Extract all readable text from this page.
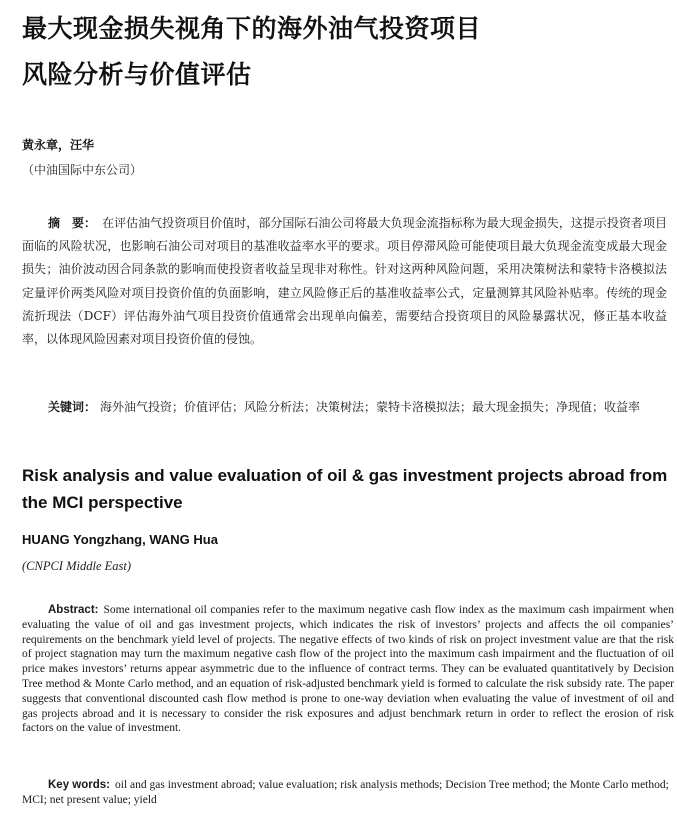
最大现金损失视角下的海外油气投资项目
风险分析与价值评估

黄永章，汪华

（中油国际中东公司）

摘　要： 在评估油气投资项目价值时，部分国际石油公司将最大负现金流指标称为最大现金损失，这提示投资者项目面临的风险状况，也影响石油公司对项目的基准收益率水平的要求。项目停滞风险可能使项目最大负现金流变成最大现金损失；油价波动因合同条款的影响而使投资者收益呈现非对称性。针对这两种风险问题，采用决策树法和蒙特卡洛模拟法定量评价两类风险对项目投资价值的负面影响，建立风险修正后的基准收益率公式，定量测算其风险补贴率。传统的现金流折现法（DCF）评估海外油气项目投资价值通常会出现单向偏差，需要结合投资项目的风险暴露状况，修正基本收益率，以体现风险因素对项目投资价值的侵蚀。

关键词： 海外油气投资；价值评估；风险分析法；决策树法；蒙特卡洛模拟法；最大现金损失；净现值；收益率

Risk analysis and value evaluation of oil & gas investment projects abroad from the MCI perspective

HUANG Yongzhang, WANG Hua

(CNPCI Middle East)

Abstract: Some international oil companies refer to the maximum negative cash flow index as the maximum cash impairment when evaluating the value of oil and gas investment projects, which indicates the risk of investors’ projects and affects the oil companies’ requirements on the benchmark yield level of projects. The negative effects of two kinds of risk on project investment value are that the risk of project stagnation may turn the maximum negative cash flow of the project into the maximum cash impairment and the fluctuation of oil price makes investors’ returns appear asymmetric due to the influence of contract terms. They can be evaluated quantitatively by Decision Tree method & Monte Carlo method, and an equation of risk-adjusted benchmark yield is formed to calculate the risk subsidy rate. The paper suggests that conventional discounted cash flow method is prone to one-way deviation when evaluating the value of investment of oil and gas projects abroad and it is necessary to consider the risk exposures and adjust benchmark return in order to reflect the erosion of risk factors on the value of investment.

Key words: oil and gas investment abroad; value evaluation; risk analysis methods; Decision Tree method; the Monte Carlo method; MCI; net present value; yield
